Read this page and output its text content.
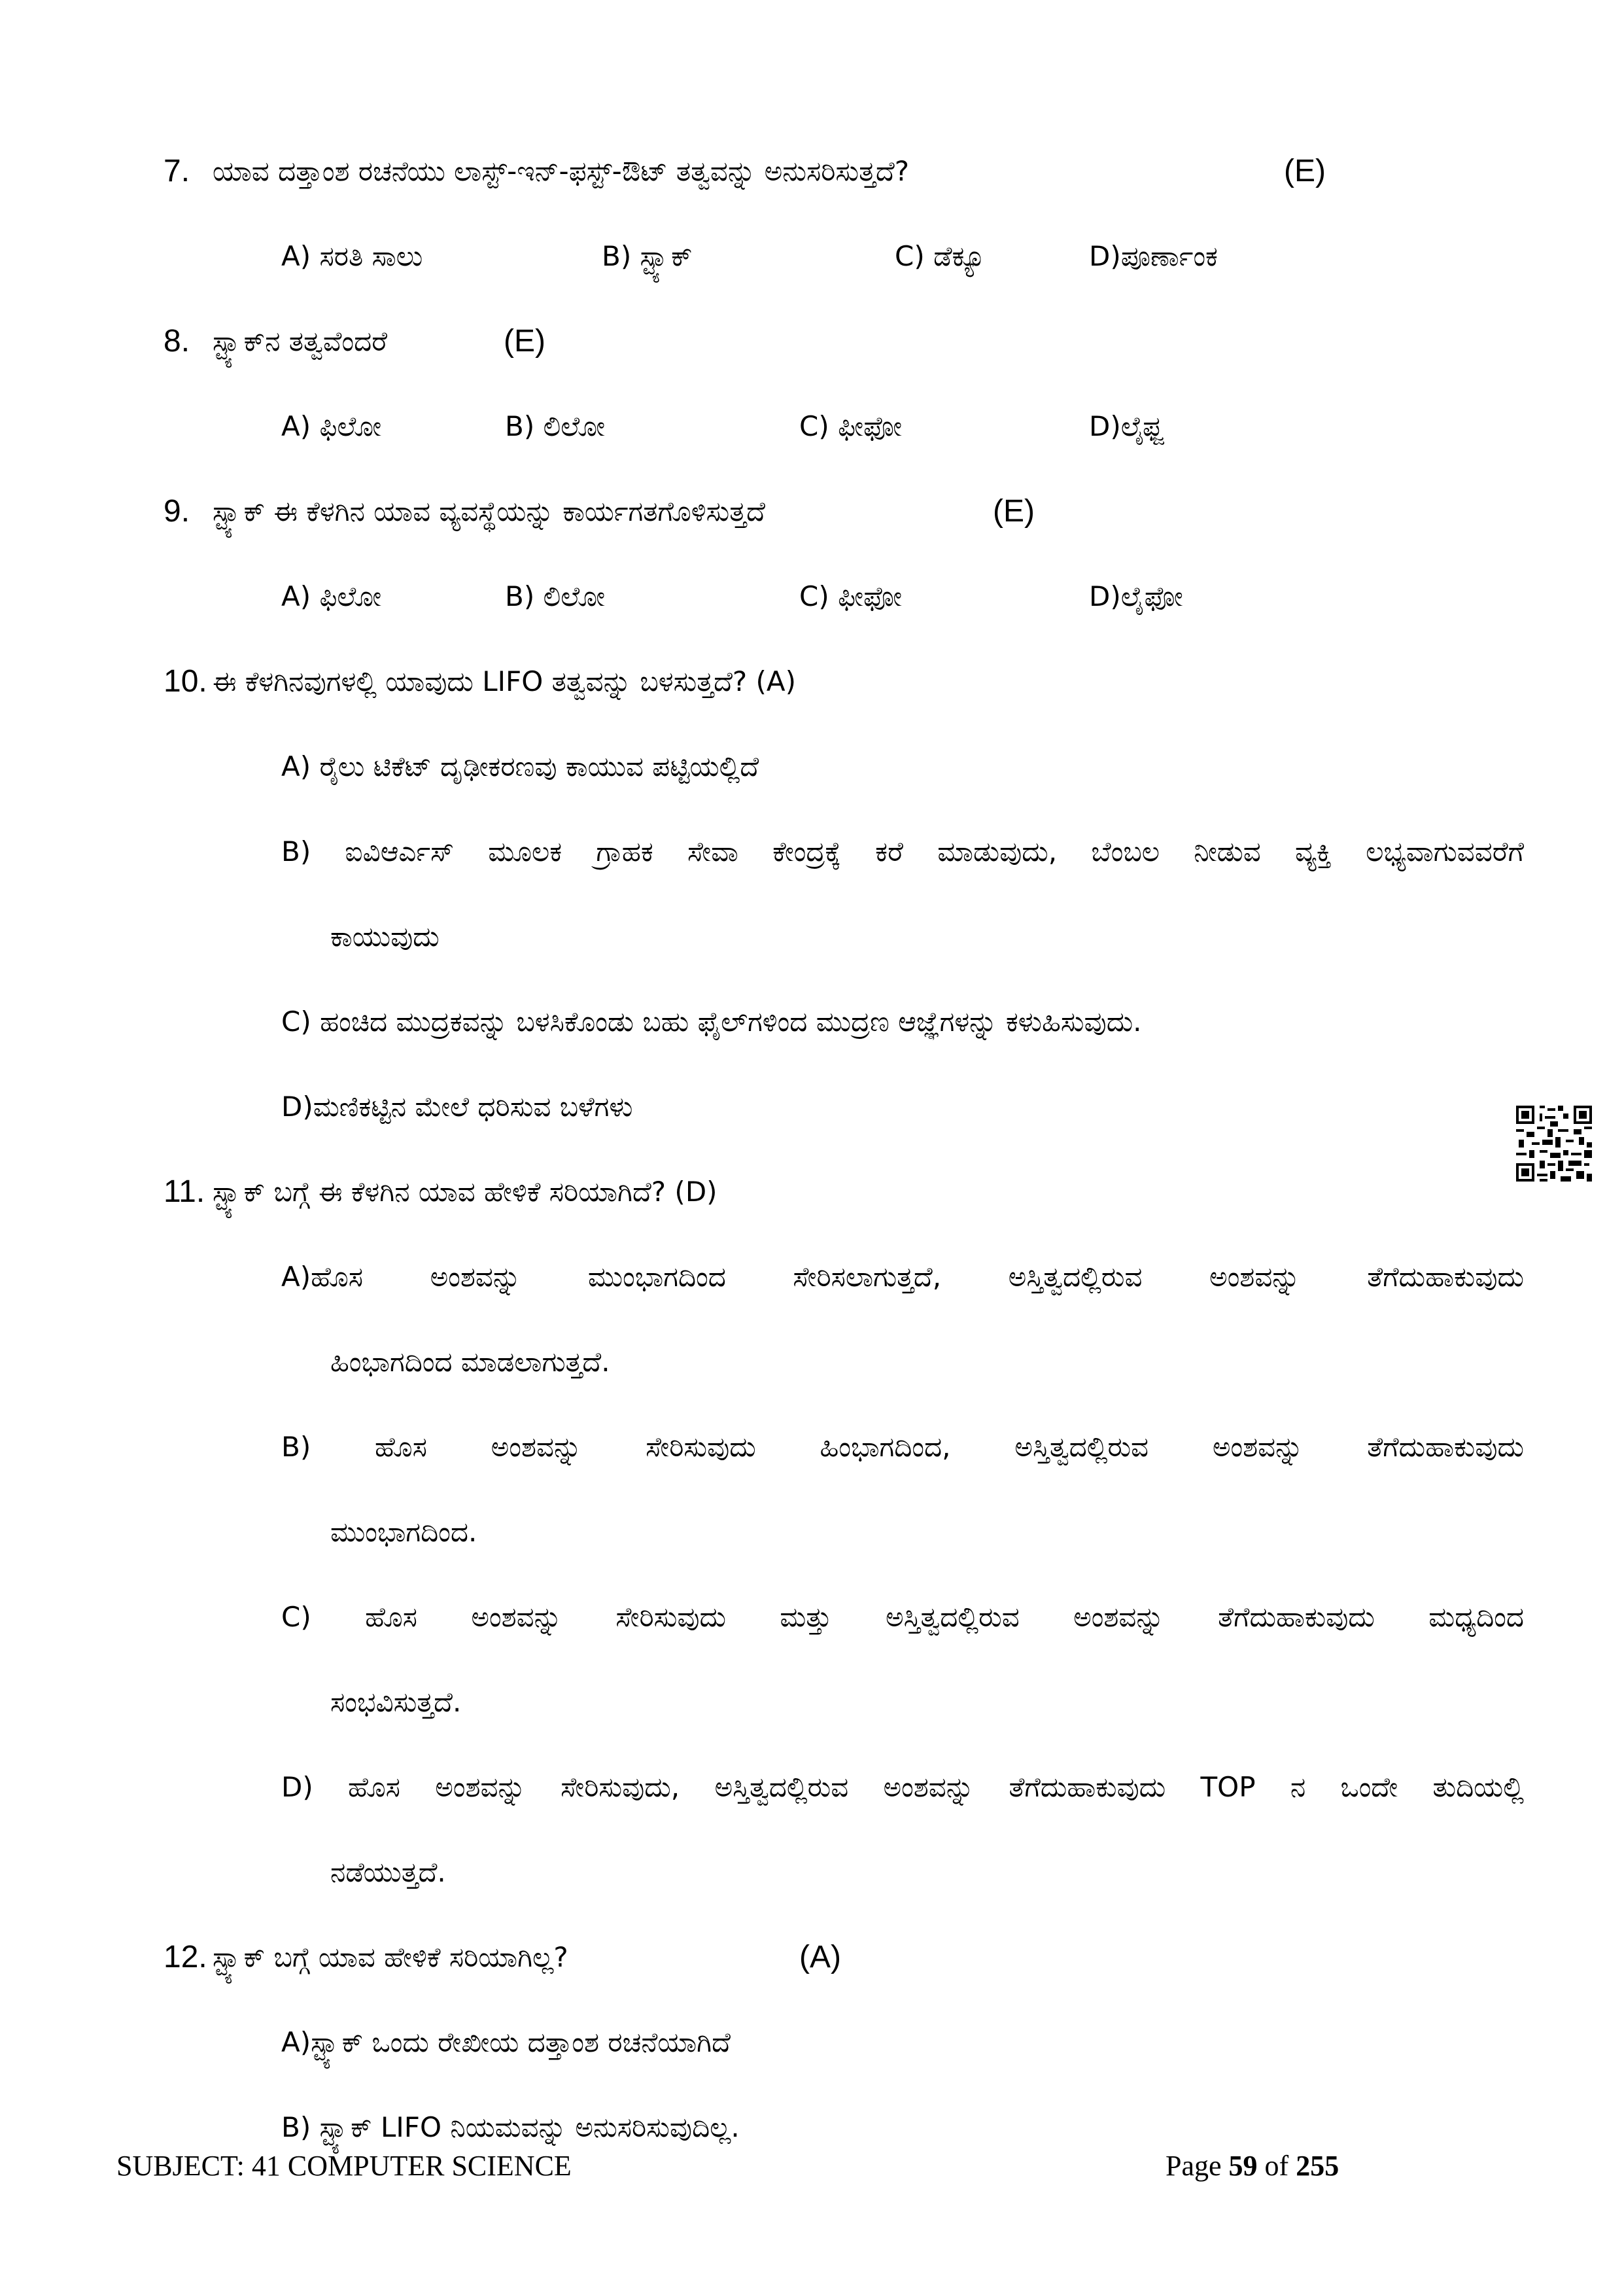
7. ಯಾವ ದತ್ತಾಂಶ ರಚನೆಯು ಲಾಸ್ಟ್-ಇನ್-ಫಸ್ಟ್-ಔಟ್ ತತ್ವವನ್ನು ಅನುಸರಿಸುತ್ತದೆ?	(E)
A) ಸರತಿ ಸಾಲು	B) ಸ್ಟ್ಯಾಕ್	C) ಡೆಕ್ಯೂ	D)ಪೂರ್ಣಾಂಕ
8. ಸ್ಟ್ಯಾಕ್‌ನ ತತ್ವವೆಂದರೆ	(E)
A) ಫಿಲೋ	B) ಲಿಲೋ	C) ಫೀಫೋ	D)ಲೈಫ್ಜ
9. ಸ್ಟ್ಯಾಕ್ ಈ ಕೆಳಗಿನ ಯಾವ ವ್ಯವಸ್ಥೆಯನ್ನು ಕಾರ್ಯಗತಗೊಳಿಸುತ್ತದೆ	(E)
A) ಫಿಲೋ	B) ಲಿಲೋ	C) ಫೀಫೋ	D)ಲೈಫೋ
10. ಈ ಕೆಳಗಿನವುಗಳಲ್ಲಿ ಯಾವುದು LIFO ತತ್ವವನ್ನು ಬಳಸುತ್ತದೆ? (A)
A) ರೈಲು ಟಿಕೆಟ್ ದೃಢೀಕರಣವು ಕಾಯುವ ಪಟ್ಟಿಯಲ್ಲಿದೆ
B) ಐವಿಆರ್ಎಸ್ ಮೂಲಕ ಗ್ರಾಹಕ ಸೇವಾ ಕೇಂದ್ರಕ್ಕೆ ಕರೆ ಮಾಡುವುದು, ಬೆಂಬಲ ನೀಡುವ ವ್ಯಕ್ತಿ ಲಭ್ಯವಾಗುವವರೆಗೆ
ಕಾಯುವುದು
C) ಹಂಚಿದ ಮುದ್ರಕವನ್ನು ಬಳಸಿಕೊಂಡು ಬಹು ಫೈಲ್‌ಗಳಿಂದ ಮುದ್ರಣ ಆಜ್ಞೆಗಳನ್ನು ಕಳುಹಿಸುವುದು.
D)ಮಣಿಕಟ್ಟಿನ ಮೇಲೆ ಧರಿಸುವ ಬಳೆಗಳು
11. ಸ್ಟ್ಯಾಕ್ ಬಗ್ಗೆ ಈ ಕೆಳಗಿನ ಯಾವ ಹೇಳಿಕೆ ಸರಿಯಾಗಿದೆ? (D)
A)ಹೊಸ ಅಂಶವನ್ನು ಮುಂಭಾಗದಿಂದ ಸೇರಿಸಲಾಗುತ್ತದೆ, ಅಸ್ತಿತ್ವದಲ್ಲಿರುವ ಅಂಶವನ್ನು ತೆಗೆದುಹಾಕುವುದು
ಹಿಂಭಾಗದಿಂದ ಮಾಡಲಾಗುತ್ತದೆ.
B) ಹೊಸ ಅಂಶವನ್ನು ಸೇರಿಸುವುದು ಹಿಂಭಾಗದಿಂದ, ಅಸ್ತಿತ್ವದಲ್ಲಿರುವ ಅಂಶವನ್ನು ತೆಗೆದುಹಾಕುವುದು
ಮುಂಭಾಗದಿಂದ.
C) ಹೊಸ ಅಂಶವನ್ನು ಸೇರಿಸುವುದು ಮತ್ತು ಅಸ್ತಿತ್ವದಲ್ಲಿರುವ ಅಂಶವನ್ನು ತೆಗೆದುಹಾಕುವುದು ಮಧ್ಯದಿಂದ
ಸಂಭವಿಸುತ್ತದೆ.
D) ಹೊಸ ಅಂಶವನ್ನು ಸೇರಿಸುವುದು, ಅಸ್ತಿತ್ವದಲ್ಲಿರುವ ಅಂಶವನ್ನು ತೆಗೆದುಹಾಕುವುದು TOP ನ ಒಂದೇ ತುದಿಯಲ್ಲಿ
ನಡೆಯುತ್ತದೆ.
12. ಸ್ಟ್ಯಾಕ್ ಬಗ್ಗೆ ಯಾವ ಹೇಳಿಕೆ ಸರಿಯಾಗಿಲ್ಲ?	(A)
A)ಸ್ಟ್ಯಾಕ್ ಒಂದು ರೇಖೀಯ ದತ್ತಾಂಶ ರಚನೆಯಾಗಿದೆ
B) ಸ್ಟ್ಯಾಕ್ LIFO ನಿಯಮವನ್ನು ಅನುಸರಿಸುವುದಿಲ್ಲ.
SUBJECT: 41 COMPUTER SCIENCE	Page 59 of 255
